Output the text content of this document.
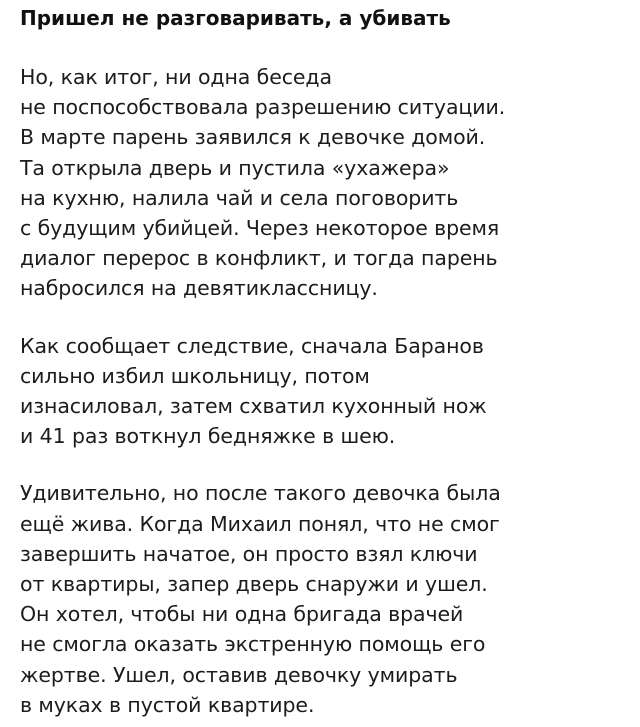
Пришел не разговаривать, а убивать

Но, как итог, ни одна беседа
не поспособствовала разрешению ситуации.
В марте парень заявился к девочке домой.
Та открыла дверь и пустила «ухажера»
на кухню, налила чай и села поговорить
с будущим убийцей. Через некоторое время
диалог перерос в конфликт, и тогда парень
набросился на девятиклассницу.

Как сообщает следствие, сначала Баранов
сильно избил школьницу, потом
изнасиловал, затем схватил кухонный нож
и 41 раз воткнул бедняжке в шею.

Удивительно, но после такого девочка была
ещё жива. Когда Михаил понял, что не смог
завершить начатое, он просто взял ключи
от квартиры, запер дверь снаружи и ушел.
Он хотел, чтобы ни одна бригада врачей
не смогла оказать экстренную помощь его
жертве. Ушел, оставив девочку умирать
в муках в пустой квартире.
